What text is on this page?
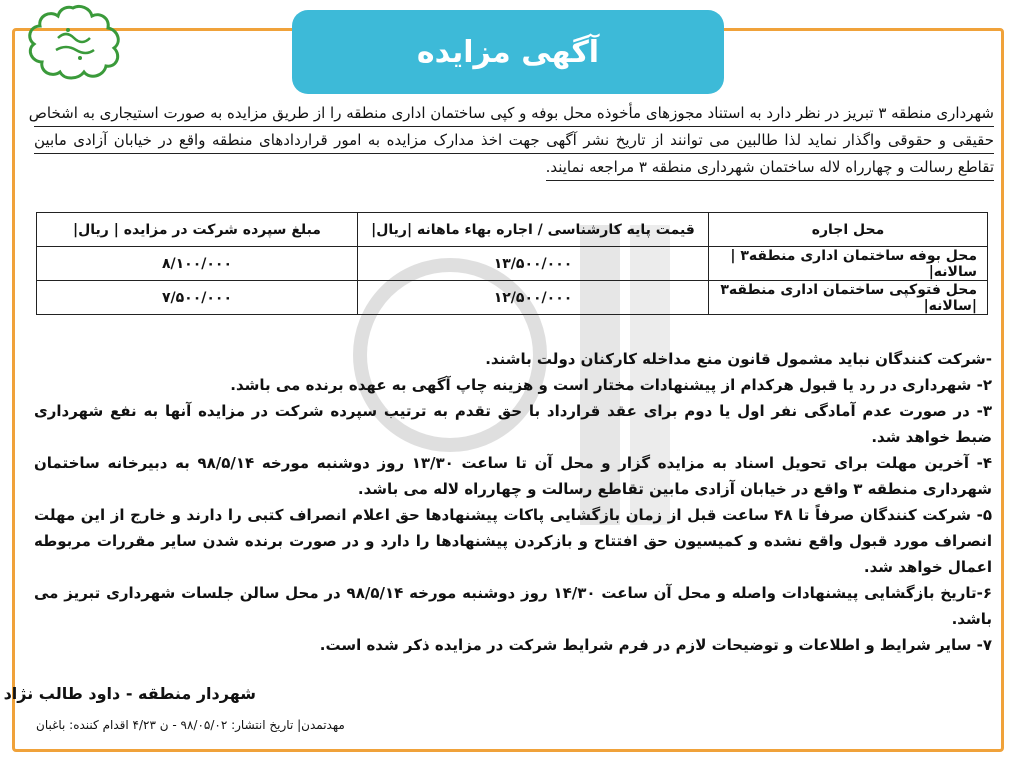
آگهی مزایده
شهرداری منطقه ۳ تبریز در نظر دارد به استناد مجوزهای مأخوذه محل بوفه و کپی ساختمان اداری منطقه را از طریق مزایده به صورت استیجاری به اشخاص
حقیقی و حقوقی واگذار نماید لذا طالبین می توانند از تاریخ نشر آگهی جهت اخذ مدارک مزایده به امور قراردادهای منطقه واقع در خیابان آزادی مابین
تقاطع رسالت و چهارراه لاله ساختمان شهرداری منطقه ۳ مراجعه نمایند.
محل اجاره	قیمت پایه کارشناسی / اجاره بهاء ماهانه |ریال|	مبلغ سپرده شرکت در مزایده | ریال|
محل بوفه ساختمان اداری منطقه۳ | سالانه|	۱۳/۵۰۰/۰۰۰	۸/۱۰۰/۰۰۰
محل فتوکپی ساختمان اداری منطقه۳ |سالانه|	۱۲/۵۰۰/۰۰۰	۷/۵۰۰/۰۰۰

-شرکت کنندگان نباید مشمول قانون منع مداخله کارکنان دولت باشند.

۲- شهرداری در رد یا قبول هرکدام از پیشنهادات مختار است و هزینه چاپ آگهی به عهده برنده می باشد.

۳- در صورت عدم آمادگی نفر اول یا دوم برای عقد قرارداد با حق تقدم به ترتیب سپرده شرکت در مزایده آنها به نفع شهرداری ضبط خواهد شد.

۴- آخرین مهلت برای تحویل اسناد به مزایده گزار و محل آن تا ساعت ۱۳/۳۰ روز دوشنبه مورخه ۹۸/۵/۱۴ به دبیرخانه ساختمان شهرداری منطقه ۳ واقع در خیابان آزادی مابین تقاطع رسالت و چهارراه لاله می باشد.

۵- شرکت کنندگان صرفاً تا ۴۸ ساعت قبل از زمان بازگشایی پاکات پیشنهادها حق اعلام انصراف کتبی را دارند و خارج از این مهلت انصراف مورد قبول واقع نشده و کمیسیون حق افتتاح و بازکردن پیشنهادها را دارد و در صورت برنده شدن سایر مقررات مربوطه اعمال خواهد شد.

۶-تاریخ بازگشایی پیشنهادات واصله و محل آن ساعت ۱۴/۳۰ روز دوشنبه مورخه ۹۸/۵/۱۴ در محل سالن جلسات شهرداری تبریز می باشد.

۷- سایر شرایط و اطلاعات و توضیحات لازم در فرم شرایط شرکت در مزایده ذکر شده است.

شهردار منطقه - داود طالب نژاد
مهدتمدن| تاریخ انتشار: ۹۸/۰۵/۰۲ - ن ۴/۲۳ اقدام کننده: باغبان
